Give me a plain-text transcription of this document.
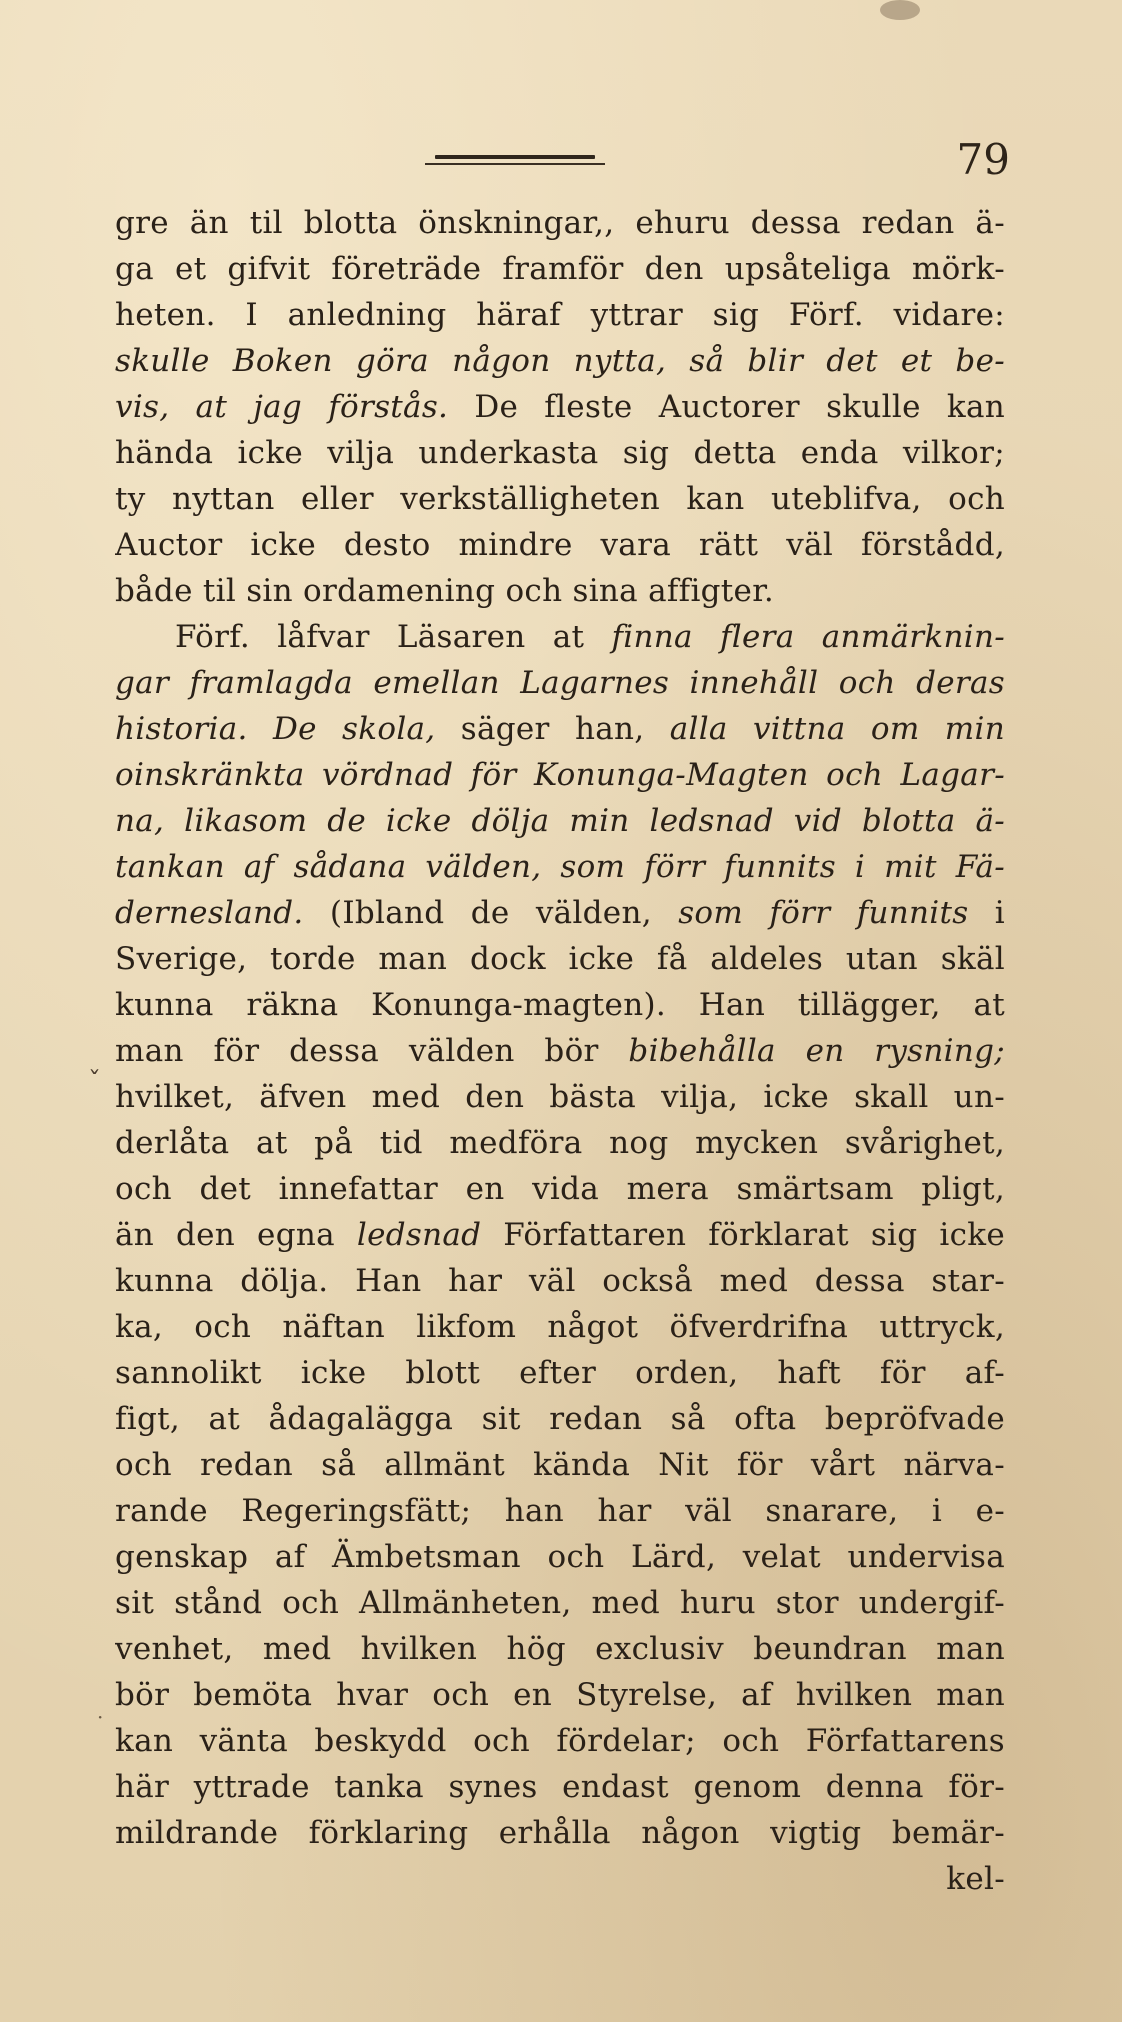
79
ˇ
·
gre än til blotta önskningar,, ehuru dessa redan ä-
ga et gifvit företräde framför den upsåteliga mörk-
heten. I anledning häraf yttrar sig Förf. vidare:
skulle Boken göra någon nytta, så blir det et be-
vis, at jag förstås. De fleste Auctorer skulle kan
hända icke vilja underkasta sig detta enda vilkor;
ty nyttan eller verkställigheten kan uteblifva, och
Auctor icke desto mindre vara rätt väl förstådd,
både til sin ordamening och sina affigter.
Förf. låfvar Läsaren at finna flera anmärknin-
gar framlagda emellan Lagarnes innehåll och deras
historia. De skola, säger han, alla vittna om min
oinskränkta vördnad för Konunga-Magten och Lagar-
na, likasom de icke dölja min ledsnad vid blotta ä-
tankan af sådana välden, som förr funnits i mit Fä-
dernesland. (Ibland de välden, som förr funnits i
Sverige, torde man dock icke få aldeles utan skäl
kunna räkna Konunga-magten). Han tillägger, at
man för dessa välden bör bibehålla en rysning;
hvilket, äfven med den bästa vilja, icke skall un-
derlåta at på tid medföra nog mycken svårighet,
och det innefattar en vida mera smärtsam pligt,
än den egna ledsnad Författaren förklarat sig icke
kunna dölja. Han har väl också med dessa star-
ka, och näftan likfom något öfverdrifna uttryck,
sannolikt icke blott efter orden, haft för af-
figt, at ådagalägga sit redan så ofta bepröfvade
och redan så allmänt kända Nit för vårt närva-
rande Regeringsfätt; han har väl snarare, i e-
genskap af Ämbetsman och Lärd, velat undervisa
sit stånd och Allmänheten, med huru stor undergif-
venhet, med hvilken hög exclusiv beundran man
bör bemöta hvar och en Styrelse, af hvilken man
kan vänta beskydd och fördelar; och Författarens
här yttrade tanka synes endast genom denna för-
mildrande förklaring erhålla någon vigtig bemär-
kel-
